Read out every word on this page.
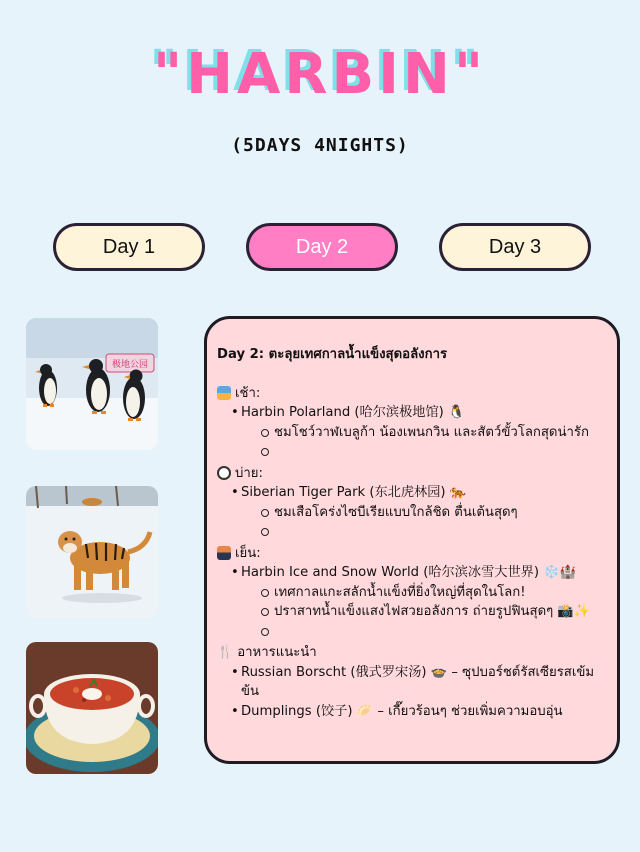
"HARBIN"
(5DAYS 4NIGHTS)
Day 1	Day 2	Day 3
极地公园
Day 2: ตะลุยเทศกาลน้ำแข็งสุดอลังการ
เช้า:
• Harbin Polarland (哈尔滨极地馆) 🐧
ชมโชว์วาฬเบลูก้า น้องเพนกวิน และสัตว์ขั้วโลกสุดน่ารัก
บ่าย:
• Siberian Tiger Park (东北虎林园) 🐅
ชมเสือโคร่งไซบีเรียแบบใกล้ชิด ตื่นเต้นสุดๆ
เย็น:
• Harbin Ice and Snow World (哈尔滨冰雪大世界) ❄️🏰
เทศกาลแกะสลักน้ำแข็งที่ยิ่งใหญ่ที่สุดในโลก!
ปราสาทน้ำแข็งแสงไฟสวยอลังการ ถ่ายรูปฟินสุดๆ 📸✨
🍴 อาหารแนะนำ
• Russian Borscht (俄式罗宋汤) 🍲 – ซุปบอร์ชต์รัสเซียรสเข้มข้น
• Dumplings (饺子) 🥟 – เกี๊ยวร้อนๆ ช่วยเพิ่มความอบอุ่น
